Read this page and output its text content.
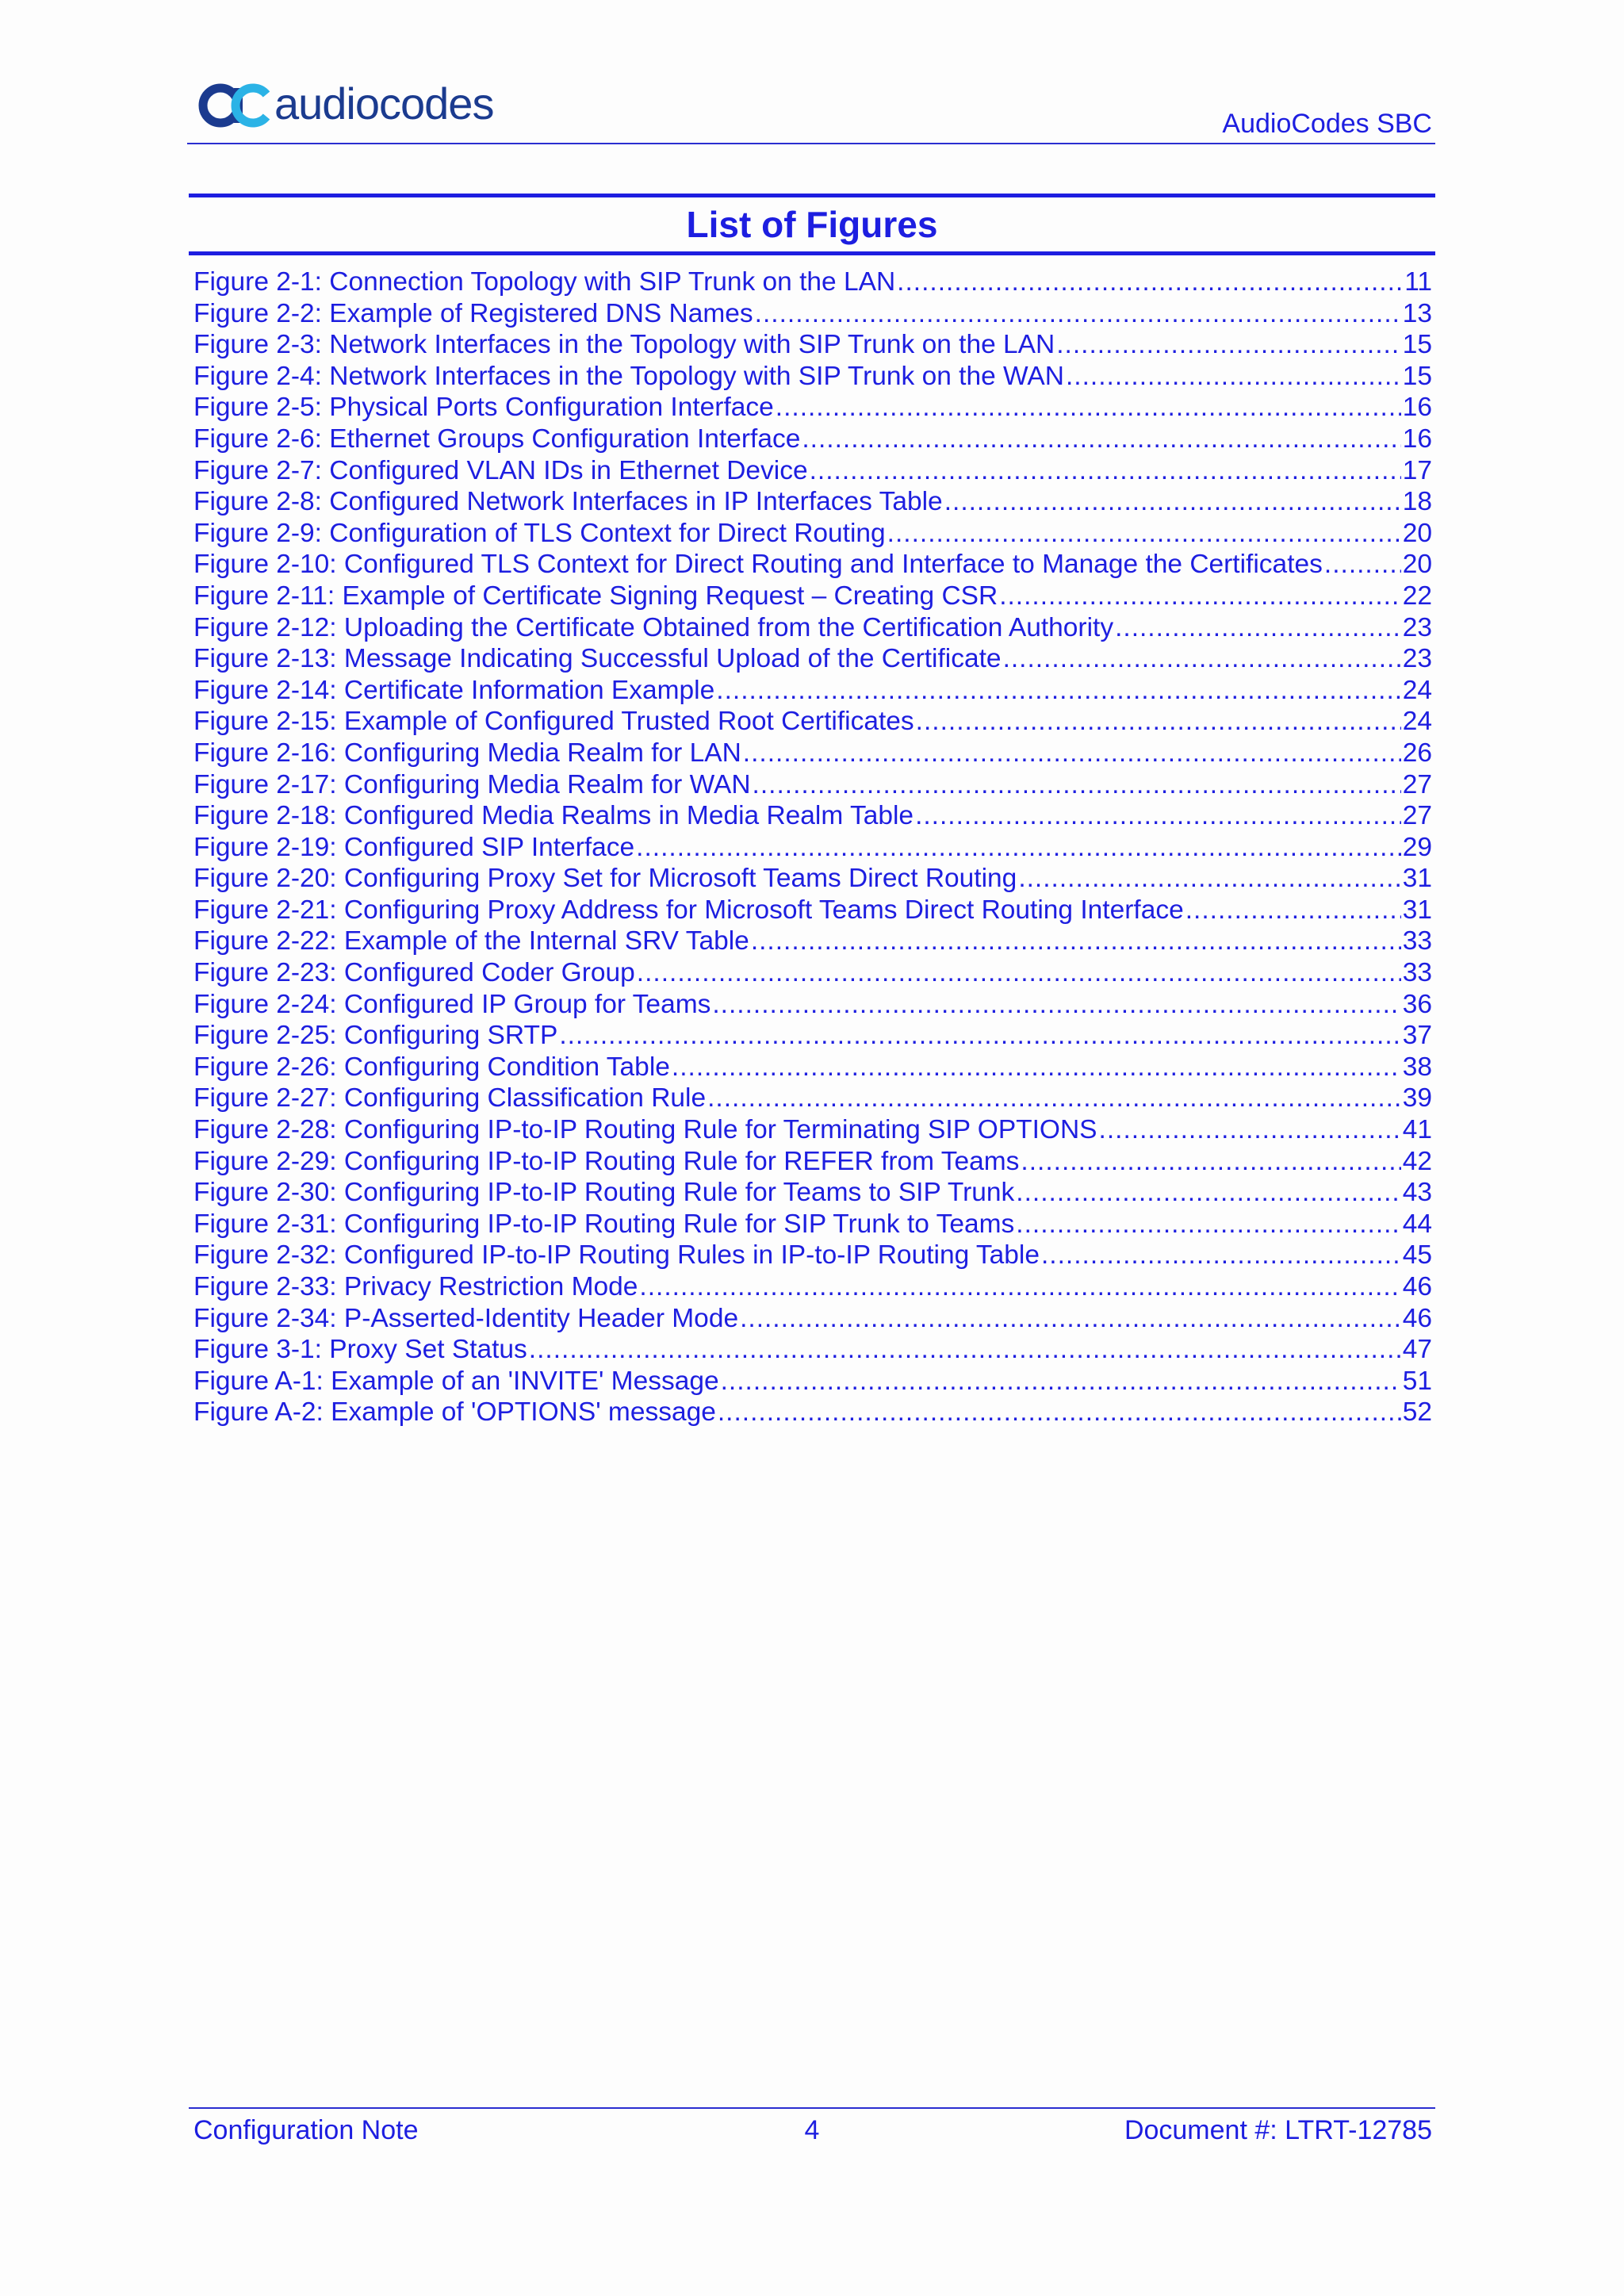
audiocodes	AudioCodes SBC
List of Figures
Figure 2-1: Connection Topology with SIP Trunk on the LAN .....	11
Figure 2-2: Example of Registered DNS Names .....	13
Figure 2-3: Network Interfaces in the Topology with SIP Trunk on the LAN .....	15
Figure 2-4: Network Interfaces in the Topology with SIP Trunk on the WAN .....	15
Figure 2-5: Physical Ports Configuration Interface .....	16
Figure 2-6: Ethernet Groups Configuration Interface .....	16
Figure 2-7: Configured VLAN IDs in Ethernet Device .....	17
Figure 2-8: Configured Network Interfaces in IP Interfaces Table .....	18
Figure 2-9: Configuration of TLS Context for Direct Routing .....	20
Figure 2-10: Configured TLS Context for Direct Routing and Interface to Manage the Certificates .....	20
Figure 2-11: Example of Certificate Signing Request – Creating CSR .....	22
Figure 2-12: Uploading the Certificate Obtained from the Certification Authority .....	23
Figure 2-13: Message Indicating Successful Upload of the Certificate .....	23
Figure 2-14: Certificate Information Example .....	24
Figure 2-15: Example of Configured Trusted Root Certificates .....	24
Figure 2-16: Configuring Media Realm for LAN .....	26
Figure 2-17: Configuring Media Realm for WAN .....	27
Figure 2-18: Configured Media Realms in Media Realm Table .....	27
Figure 2-19: Configured SIP Interface .....	29
Figure 2-20: Configuring Proxy Set for Microsoft Teams Direct Routing .....	31
Figure 2-21: Configuring Proxy Address for Microsoft Teams Direct Routing Interface .....	31
Figure 2-22: Example of the Internal SRV Table .....	33
Figure 2-23: Configured Coder Group .....	33
Figure 2-24: Configured IP Group for Teams .....	36
Figure 2-25: Configuring SRTP .....	37
Figure 2-26: Configuring Condition Table .....	38
Figure 2-27: Configuring Classification Rule .....	39
Figure 2-28: Configuring IP-to-IP Routing Rule for Terminating SIP OPTIONS .....	41
Figure 2-29: Configuring IP-to-IP Routing Rule for REFER from Teams .....	42
Figure 2-30: Configuring IP-to-IP Routing Rule for Teams to SIP Trunk .....	43
Figure 2-31: Configuring IP-to-IP Routing Rule for SIP Trunk to Teams .....	44
Figure 2-32: Configured IP-to-IP Routing Rules in IP-to-IP Routing Table .....	45
Figure 2-33: Privacy Restriction Mode .....	46
Figure 2-34: P-Asserted-Identity Header Mode .....	46
Figure 3-1: Proxy Set Status .....	47
Figure A-1: Example of an 'INVITE' Message .....	51
Figure A-2: Example of 'OPTIONS' message .....	52
Configuration Note	4	Document #: LTRT-12785
